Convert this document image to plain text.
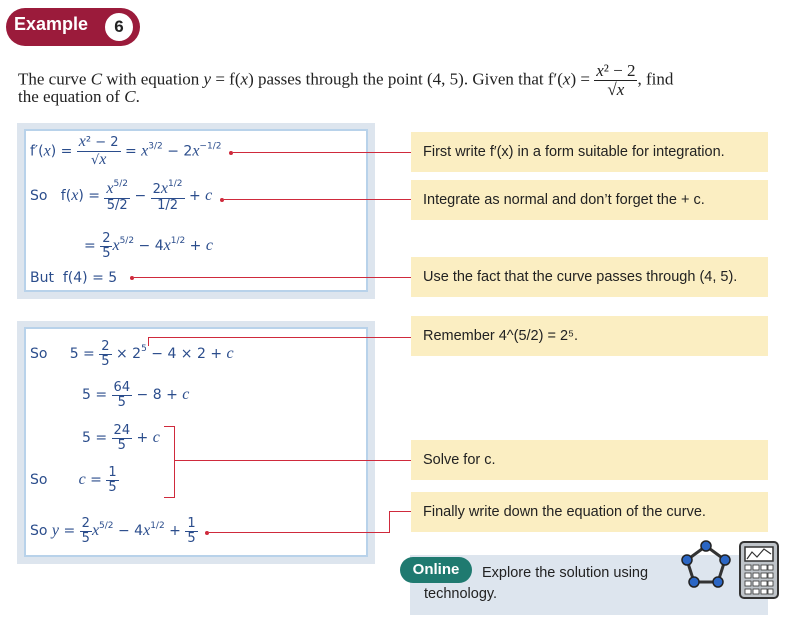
Example	6
The curve C with equation y = f(x) passes through the point (4, 5). Given that $f'(x) = \frac{\text{x² − 2}}{√x}$ , find
the equation of C.
$f'(x) = \frac{\text{x² − 2}}{√x} = x^{3/2} - 2x^{-1/2}$
So   $f(x) = \frac{x^{5/2}}{5/2} - \frac{2x^{1/2}}{1/2} + c$
= $\frac{2}{5} x^{5/2} - 4x^{1/2} + c$
But  f(4) = 5
So     $5 = \frac{2}{5} \times 2^5 - 4 \times 2 + c$
$5 = \frac{64}{5} - 8 + c$
$5 = \frac{24}{5} + c$
So       $c = \frac{1}{5}$
So $y = \frac{2}{5} x^{5/2} - 4x^{1/2} + \frac{1}{5}$
First write f′(x) in a form suitable for integration.
Integrate as normal and don’t forget the + c.
Use the fact that the curve passes through (4, 5).
Remember 4^(5/2) = 2⁵.
Solve for c.
Finally write down the equation of the curve.
Online	Explore the solution using
technology.
